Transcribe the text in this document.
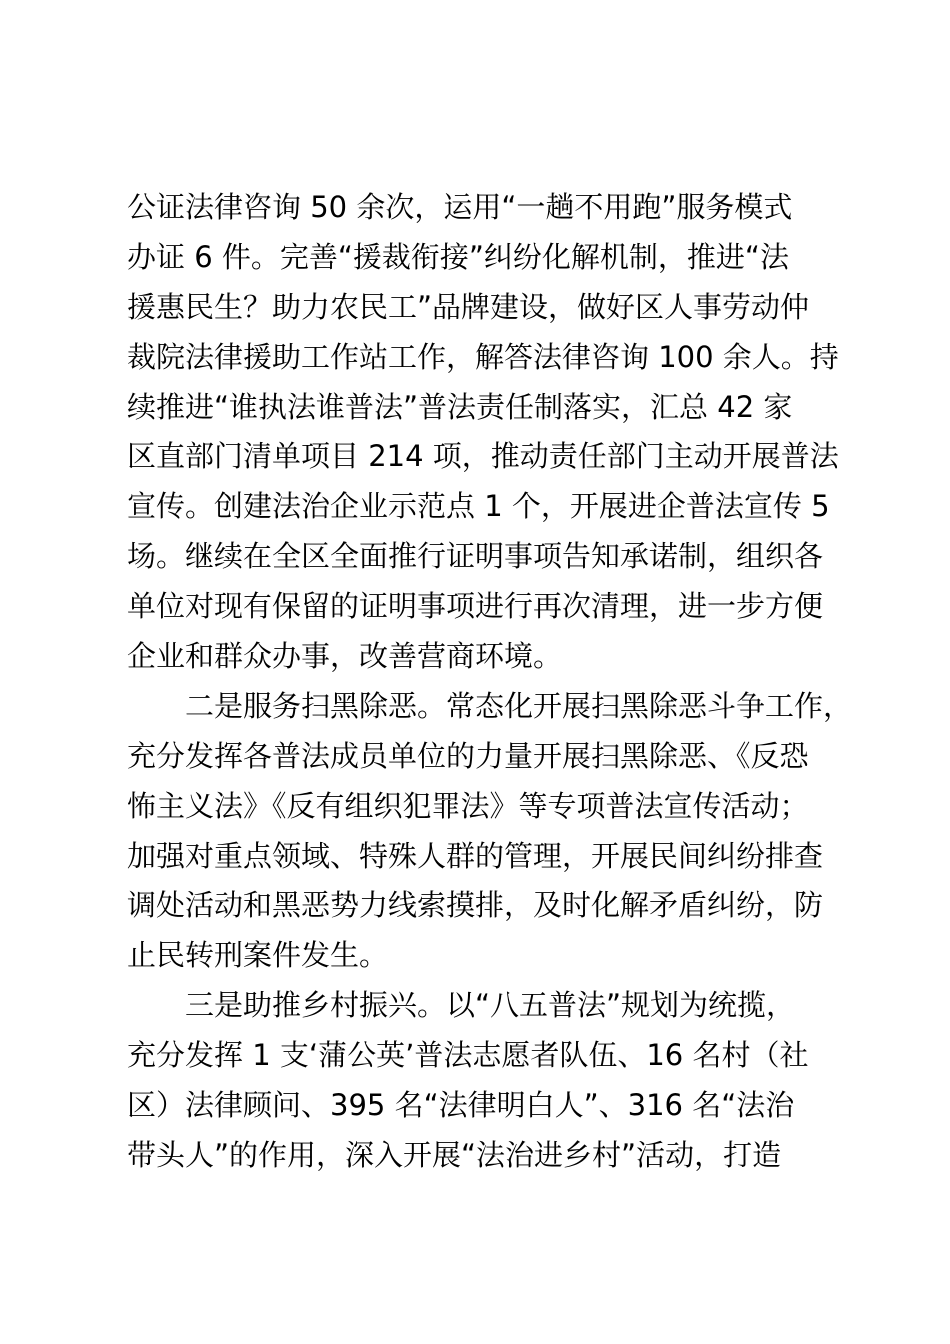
公证法律咨询 50 余次，运用“一趟不用跑”服务模式
办证 6 件。完善“援裁衔接”纠纷化解机制，推进“法
援惠民生？助力农民工”品牌建设，做好区人事劳动仲
裁院法律援助工作站工作，解答法律咨询 100 余人。持
续推进“谁执法谁普法”普法责任制落实，汇总 42 家
区直部门清单项目 214 项，推动责任部门主动开展普法
宣传。创建法治企业示范点 1 个，开展进企普法宣传 5
场。继续在全区全面推行证明事项告知承诺制，组织各
单位对现有保留的证明事项进行再次清理，进一步方便
企业和群众办事，改善营商环境。

二是服务扫黑除恶。常态化开展扫黑除恶斗争工作，
充分发挥各普法成员单位的力量开展扫黑除恶、《反恐
怖主义法》《反有组织犯罪法》等专项普法宣传活动；
加强对重点领域、特殊人群的管理，开展民间纠纷排查
调处活动和黑恶势力线索摸排，及时化解矛盾纠纷，防
止民转刑案件发生。

三是助推乡村振兴。以“八五普法”规划为统揽，
充分发挥 1 支‘蒲公英’普法志愿者队伍、16 名村（社
区）法律顾问、395 名“法律明白人”、316 名“法治
带头人”的作用，深入开展“法治进乡村”活动，打造
